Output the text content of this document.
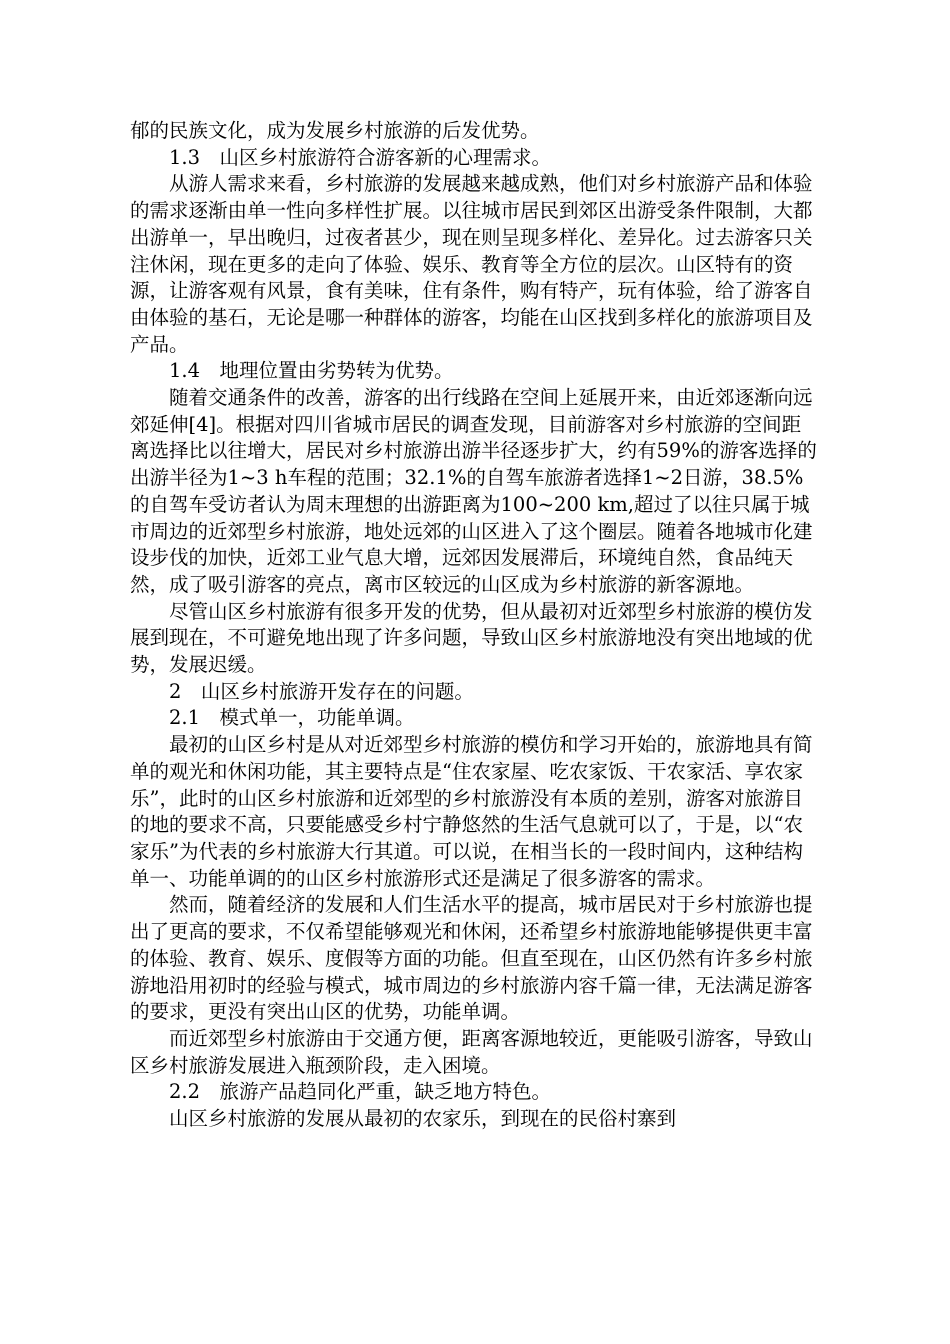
郁的民族文化，成为发展乡村旅游的后发优势。

1.3　山区乡村旅游符合游客新的心理需求。

从游人需求来看，乡村旅游的发展越来越成熟，他们对乡村旅游产品和体验的需求逐渐由单一性向多样性扩展。以往城市居民到郊区出游受条件限制，大都出游单一，早出晚归，过夜者甚少，现在则呈现多样化、差异化。过去游客只关注休闲，现在更多的走向了体验、娱乐、教育等全方位的层次。山区特有的资源，让游客观有风景，食有美味，住有条件，购有特产，玩有体验，给了游客自由体验的基石，无论是哪一种群体的游客，均能在山区找到多样化的旅游项目及产品。

1.4　地理位置由劣势转为优势。

随着交通条件的改善，游客的出行线路在空间上延展开来，由近郊逐渐向远郊延伸[4]。根据对四川省城市居民的调查发现，目前游客对乡村旅游的空间距离选择比以往增大，居民对乡村旅游出游半径逐步扩大，约有59%的游客选择的出游半径为1~3 h车程的范围；32.1%的自驾车旅游者选择1~2日游，38.5%的自驾车受访者认为周末理想的出游距离为100~200 km,超过了以往只属于城市周边的近郊型乡村旅游，地处远郊的山区进入了这个圈层。随着各地城市化建设步伐的加快，近郊工业气息大增，远郊因发展滞后，环境纯自然，食品纯天然，成了吸引游客的亮点，离市区较远的山区成为乡村旅游的新客源地。

尽管山区乡村旅游有很多开发的优势，但从最初对近郊型乡村旅游的模仿发展到现在，不可避免地出现了许多问题，导致山区乡村旅游地没有突出地域的优势，发展迟缓。

2　山区乡村旅游开发存在的问题。

2.1　模式单一，功能单调。

最初的山区乡村是从对近郊型乡村旅游的模仿和学习开始的，旅游地具有简单的观光和休闲功能，其主要特点是“住农家屋、吃农家饭、干农家活、享农家乐”，此时的山区乡村旅游和近郊型的乡村旅游没有本质的差别，游客对旅游目的地的要求不高，只要能感受乡村宁静悠然的生活气息就可以了，于是，以“农家乐”为代表的乡村旅游大行其道。可以说，在相当长的一段时间内，这种结构单一、功能单调的的山区乡村旅游形式还是满足了很多游客的需求。

然而，随着经济的发展和人们生活水平的提高，城市居民对于乡村旅游也提出了更高的要求，不仅希望能够观光和休闲，还希望乡村旅游地能够提供更丰富的体验、教育、娱乐、度假等方面的功能。但直至现在，山区仍然有许多乡村旅游地沿用初时的经验与模式，城市周边的乡村旅游内容千篇一律，无法满足游客的要求，更没有突出山区的优势，功能单调。

而近郊型乡村旅游由于交通方便，距离客源地较近，更能吸引游客，导致山区乡村旅游发展进入瓶颈阶段，走入困境。

2.2　旅游产品趋同化严重，缺乏地方特色。

山区乡村旅游的发展从最初的农家乐，到现在的民俗村寨到
